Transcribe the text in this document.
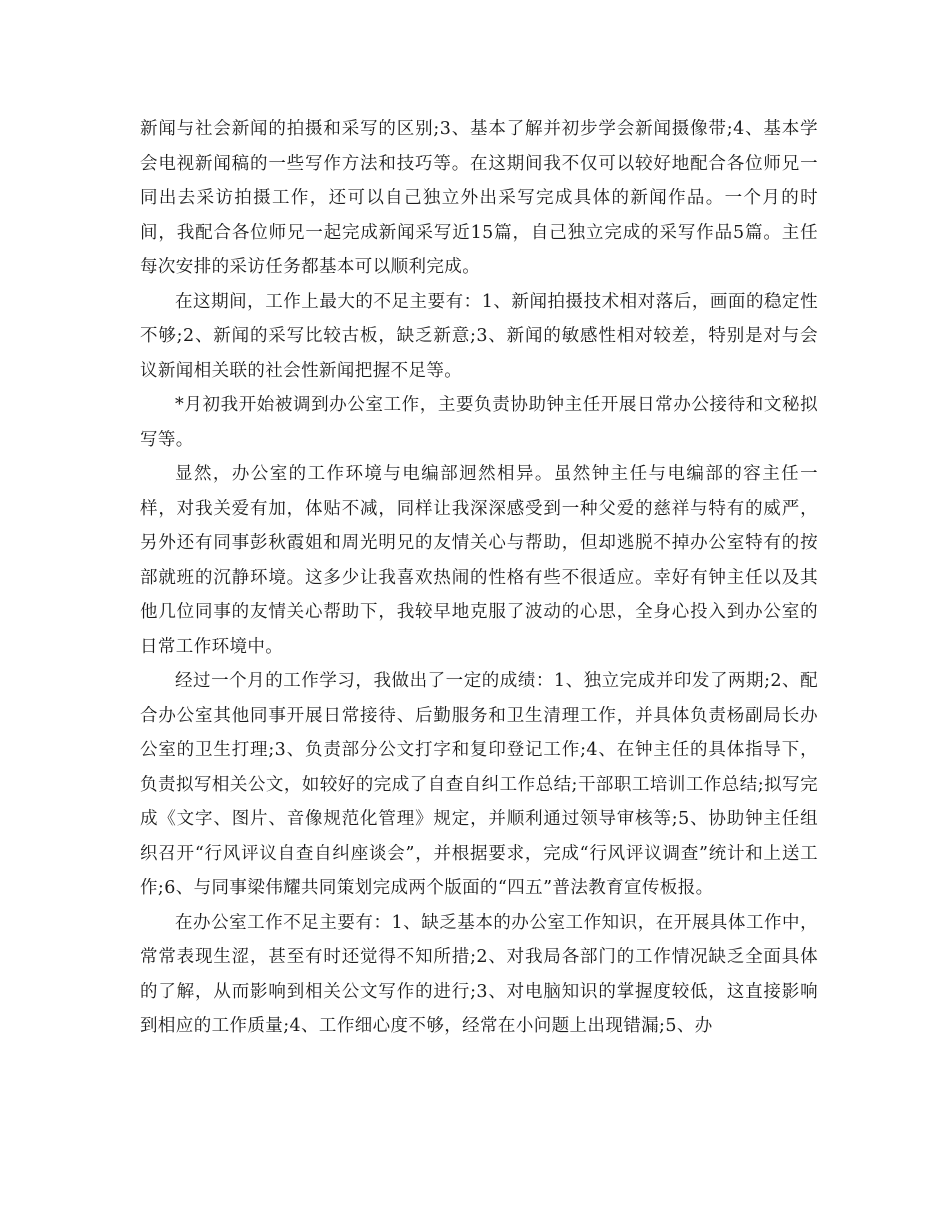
新闻与社会新闻的拍摄和采写的区别;3、基本了解并初步学会新闻摄像带;4、基本学会电视新闻稿的一些写作方法和技巧等。在这期间我不仅可以较好地配合各位师兄一同出去采访拍摄工作，还可以自己独立外出采写完成具体的新闻作品。一个月的时间，我配合各位师兄一起完成新闻采写近15篇，自己独立完成的采写作品5篇。主任每次安排的采访任务都基本可以顺利完成。

在这期间，工作上最大的不足主要有：1、新闻拍摄技术相对落后，画面的稳定性不够;2、新闻的采写比较古板，缺乏新意;3、新闻的敏感性相对较差，特别是对与会议新闻相关联的社会性新闻把握不足等。

*月初我开始被调到办公室工作，主要负责协助钟主任开展日常办公接待和文秘拟写等。

显然，办公室的工作环境与电编部迥然相异。虽然钟主任与电编部的容主任一样，对我关爱有加，体贴不减，同样让我深深感受到一种父爱的慈祥与特有的威严，另外还有同事彭秋霞姐和周光明兄的友情关心与帮助，但却逃脱不掉办公室特有的按部就班的沉静环境。这多少让我喜欢热闹的性格有些不很适应。幸好有钟主任以及其他几位同事的友情关心帮助下，我较早地克服了波动的心思，全身心投入到办公室的日常工作环境中。

经过一个月的工作学习，我做出了一定的成绩：1、独立完成并印发了两期;2、配合办公室其他同事开展日常接待、后勤服务和卫生清理工作，并具体负责杨副局长办公室的卫生打理;3、负责部分公文打字和复印登记工作;4、在钟主任的具体指导下，负责拟写相关公文，如较好的完成了自查自纠工作总结;干部职工培训工作总结;拟写完成《文字、图片、音像规范化管理》规定，并顺利通过领导审核等;5、协助钟主任组织召开“行风评议自查自纠座谈会”，并根据要求，完成“行风评议调查”统计和上送工作;6、与同事梁伟耀共同策划完成两个版面的“四五”普法教育宣传板报。

在办公室工作不足主要有：1、缺乏基本的办公室工作知识，在开展具体工作中，常常表现生涩，甚至有时还觉得不知所措;2、对我局各部门的工作情况缺乏全面具体的了解，从而影响到相关公文写作的进行;3、对电脑知识的掌握度较低，这直接影响到相应的工作质量;4、工作细心度不够，经常在小问题上出现错漏;5、办
